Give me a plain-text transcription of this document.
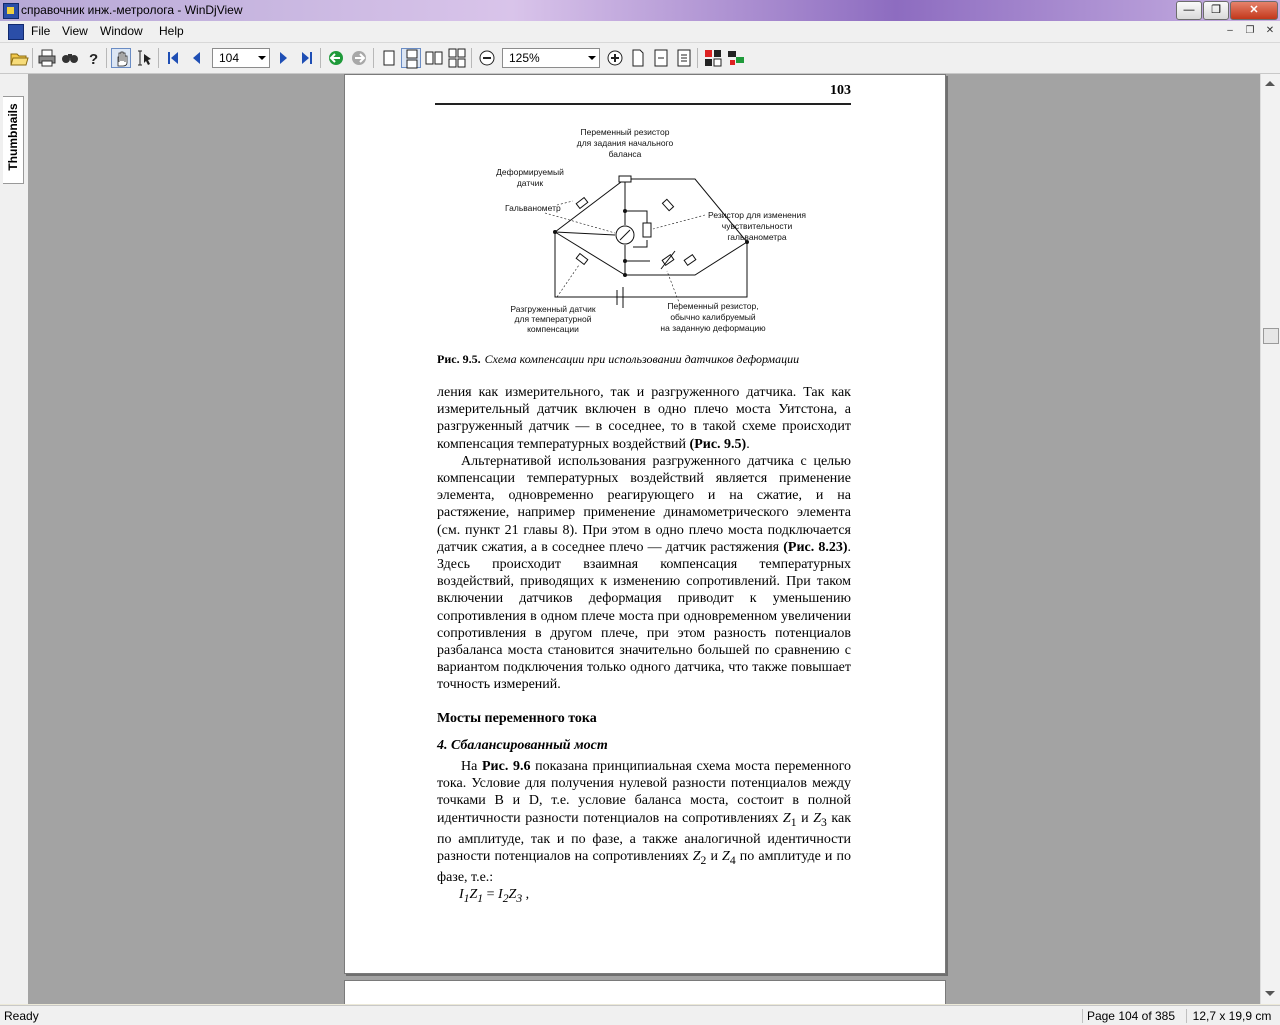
справочник инж.-метролога - WinDjView	—	❐	✕
File View Window Help	–	❐	✕
?	104	125%
Thumbnails
103
Переменный резистор для задания начального баланса
Деформируемый датчик
Гальванометр
Резистор для изменения чувствительности гальванометра
Разгруженный датчик для температурной компенсации
Переменный резистор, обычно калибруемый на заданную деформацию
Рис. 9.5. Схема компенсации при использовании датчиков деформации

ления как измерительного, так и разгруженного датчика. Так как измерительный датчик включен в одно плечо моста Уитстона, а разгруженный датчик — в соседнее, то в такой схеме происходит компенсация температурных воздействий (Рис. 9.5).

Альтернативой использования разгруженного датчика с целью компенсации температурных воздействий является применение элемента, одновременно реагирующего и на сжатие, и на растяжение, например применение динамометрического элемента (см. пункт 21 главы 8). При этом в одно плечо моста подключается датчик сжатия, а в соседнее плечо — датчик растяжения (Рис. 8.23). Здесь происходит взаимная компенсация температурных воздействий, приводящих к изменению сопротивлений. При таком включении датчиков деформация приводит к уменьшению сопротивления в одном плече моста при одновременном увеличении сопротивления в другом плече, при этом разность потенциалов разбаланса моста становится значительно большей по сравнению с вариантом подключения только одного датчика, что также повышает точность измерений.

Мосты переменного тока
4. Сбалансированный мост

На Рис. 9.6 показана принципиальная схема моста переменного тока. Условие для получения нулевой разности потенциалов между точками B и D, т.е. условие баланса моста, состоит в полной идентичности разности потенциалов на сопротивлениях $Z_1$ и $Z_3$ как по амплитуде, так и по фазе, а также аналогичной идентичности разности потенциалов на сопротивлениях $Z_2$ и $Z_4$ по амплитуде и по фазе, т.е.:

$I_1Z_1 = I_2Z_3$ ,
Ready	Page 104 of 385	12,7 x 19,9 cm
